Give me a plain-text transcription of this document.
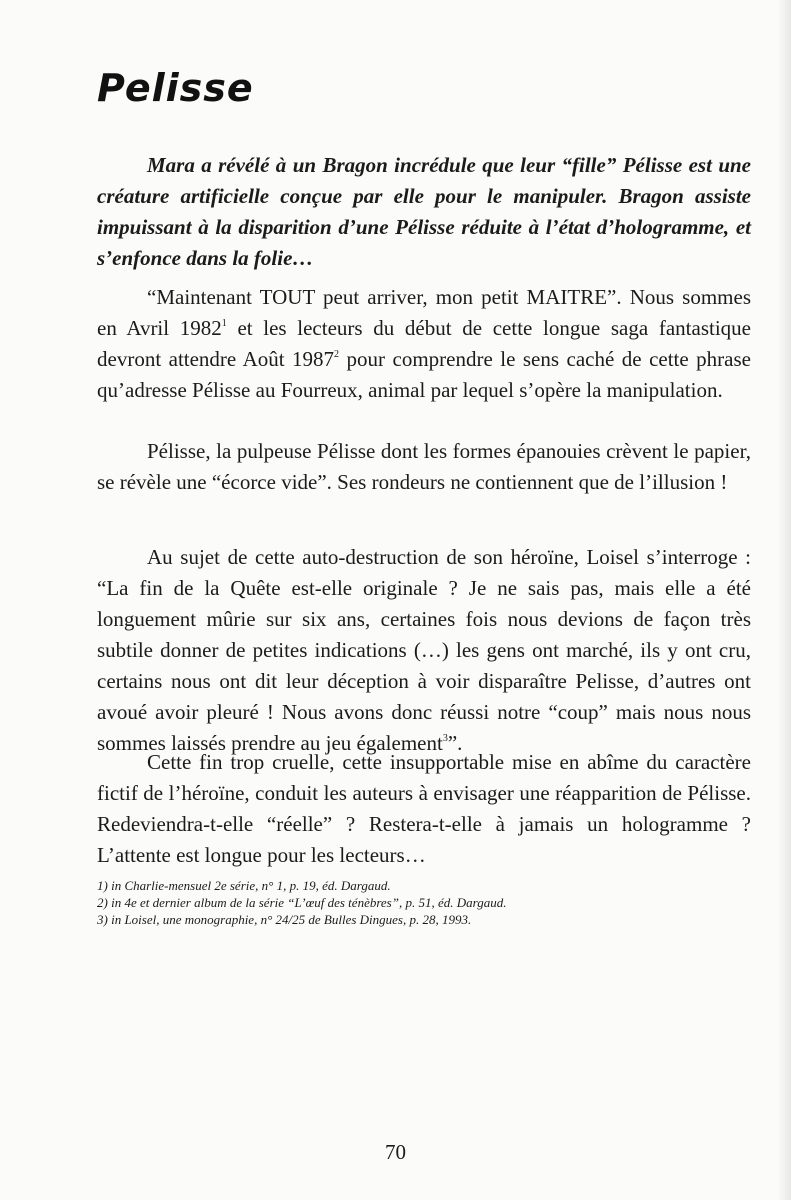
Pelisse

Mara a révélé à un Bragon incrédule que leur “fille” Pélisse est une créature artificielle conçue par elle pour le manipuler. Bragon assiste impuissant à la disparition d’une Pélisse réduite à l’état d’hologramme, et s’enfonce dans la folie…

“Maintenant TOUT peut arriver, mon petit MAITRE”. Nous sommes en Avril 1982$^1$ et les lecteurs du début de cette longue saga fantastique devront attendre Août 1987$^2$ pour comprendre le sens caché de cette phrase qu’adresse Pélisse au Fourreux, animal par lequel s’opère la manipulation.

Pélisse, la pulpeuse Pélisse dont les formes épanouies crèvent le papier, se révèle une “écorce vide”. Ses rondeurs ne contiennent que de l’illusion !

Au sujet de cette auto-destruction de son héroïne, Loisel s’interroge : “La fin de la Quête est-elle originale ? Je ne sais pas, mais elle a été longuement mûrie sur six ans, certaines fois nous devions de façon très subtile donner de petites indications (…) les gens ont marché, ils y ont cru, certains nous ont dit leur déception à voir disparaître Pelisse, d’autres ont avoué avoir pleuré ! Nous avons donc réussi notre “coup” mais nous nous sommes laissés prendre au jeu également$^3$”.

Cette fin trop cruelle, cette insupportable mise en abîme du caractère fictif de l’héroïne, conduit les auteurs à envisager une réapparition de Pélisse. Redeviendra-t-elle “réelle” ? Restera-t-elle à jamais un hologramme ? L’attente est longue pour les lecteurs…

1) in Charlie-mensuel 2e série, n° 1, p. 19, éd. Dargaud.
2) in 4e et dernier album de la série “L’œuf des ténèbres”, p. 51, éd. Dargaud.
3) in Loisel, une monographie, n° 24/25 de Bulles Dingues, p. 28, 1993.
70
